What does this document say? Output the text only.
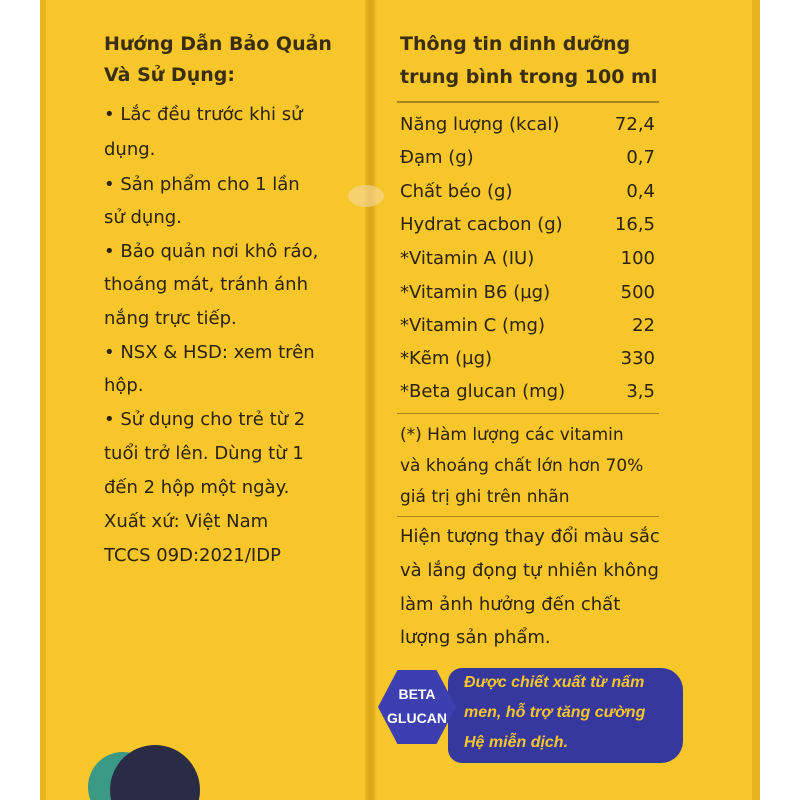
Hướng Dẫn Bảo Quản
Và Sử Dụng:
• Lắc đều trước khi sử
dụng.
• Sản phẩm cho 1 lần
sử dụng.
• Bảo quản nơi khô ráo,
thoáng mát, tránh ánh
nắng trực tiếp.
• NSX & HSD: xem trên
hộp.
• Sử dụng cho trẻ từ 2
tuổi trở lên. Dùng từ 1
đến 2 hộp một ngày.
Xuất xứ: Việt Nam
TCCS 09D:2021/IDP
Thông tin dinh dưỡng
trung bình trong 100 ml
Năng lượng (kcal)	72,4
Đạm (g)	0,7
Chất béo (g)	0,4
Hydrat cacbon (g)	16,5
*Vitamin A (IU)	100
*Vitamin B6 (µg)	500
*Vitamin C (mg)	22
*Kẽm (µg)	330
*Beta glucan (mg)	3,5
(*) Hàm lượng các vitamin
và khoáng chất lớn hơn 70%
giá trị ghi trên nhãn
Hiện tượng thay đổi màu sắc
và lắng đọng tự nhiên không
làm ảnh hưởng đến chất
lượng sản phẩm.
BETA
GLUCAN
Được chiết xuất từ nấm
men, hỗ trợ tăng cường
Hệ miễn dịch.
